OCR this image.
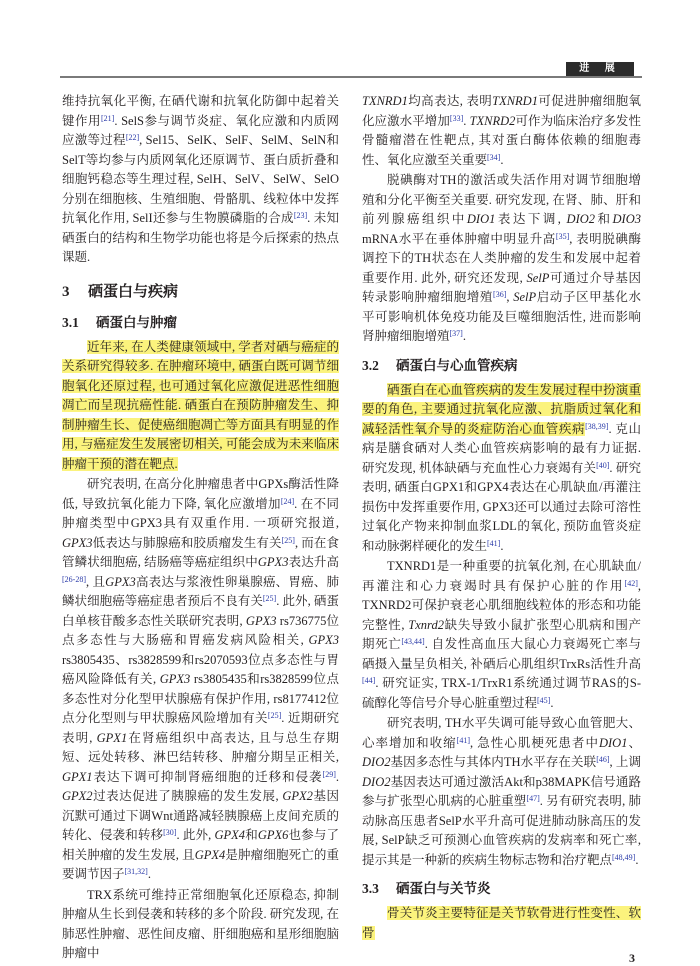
进 展

维持抗氧化平衡, 在硒代谢和抗氧化防御中起着关键作用[21]. SelS参与调节炎症、氧化应激和内质网应激等过程[22], Sel15、SelK、SelF、SelM、SelN和SelT等均参与内质网氧化还原调节、蛋白质折叠和细胞钙稳态等生理过程, SelH、SelV、SelW、SelO分别在细胞核、生殖细胞、骨骼肌、线粒体中发挥抗氧化作用, SelI还参与生物膜磷脂的合成[23]. 未知硒蛋白的结构和生物学功能也将是今后探索的热点课题.

3 硒蛋白与疾病
3.1 硒蛋白与肿瘤

近年来, 在人类健康领域中, 学者对硒与癌症的关系研究得较多. 在肿瘤环境中, 硒蛋白既可调节细胞氧化还原过程, 也可通过氧化应激促进恶性细胞凋亡而呈现抗癌性能. 硒蛋白在预防肿瘤发生、抑制肿瘤生长、促使癌细胞凋亡等方面具有明显的作用, 与癌症发生发展密切相关, 可能会成为未来临床肿瘤干预的潜在靶点.

研究表明, 在高分化肿瘤患者中GPXs酶活性降低, 导致抗氧化能力下降, 氧化应激增加[24]. 在不同肿瘤类型中GPX3具有双重作用. 一项研究报道, GPX3低表达与肺腺癌和胶质瘤发生有关[25], 而在食管鳞状细胞癌, 结肠癌等癌症组织中GPX3表达升高[26-28], 且GPX3高表达与浆液性卵巢腺癌、胃癌、肺鳞状细胞癌等癌症患者预后不良有关[25]. 此外, 硒蛋白单核苷酸多态性关联研究表明, GPX3 rs736775位点多态性与大肠癌和胃癌发病风险相关, GPX3 rs3805435、rs3828599和rs2070593位点多态性与胃癌风险降低有关, GPX3 rs3805435和rs3828599位点多态性对分化型甲状腺癌有保护作用, rs8177412位点分化型则与甲状腺癌风险增加有关[25]. 近期研究表明, GPX1在肾癌组织中高表达, 且与总生存期短、远处转移、淋巴结转移、肿瘤分期呈正相关, GPX1表达下调可抑制肾癌细胞的迁移和侵袭[29]. GPX2过表达促进了胰腺癌的发生发展, GPX2基因沉默可通过下调Wnt通路减轻胰腺癌上皮间充质的转化、侵袭和转移[30]. 此外, GPX4和GPX6也参与了相关肿瘤的发生发展, 且GPX4是肿瘤细胞死亡的重要调节因子[31,32].

TRX系统可维持正常细胞氧化还原稳态, 抑制肿瘤从生长到侵袭和转移的多个阶段. 研究发现, 在肺恶性肿瘤、恶性间皮瘤、肝细胞癌和星形细胞脑肿瘤中

TXNRD1均高表达, 表明TXNRD1可促进肿瘤细胞氧化应激水平增加[33]. TXNRD2可作为临床治疗多发性骨髓瘤潜在性靶点, 其对蛋白酶体依赖的细胞毒性、氧化应激至关重要[34].

脱碘酶对TH的激活或失活作用对调节细胞增殖和分化平衡至关重要. 研究发现, 在肾、肺、肝和前列腺癌组织中DIO1表达下调, DIO2和DIO3 mRNA水平在垂体肿瘤中明显升高[35], 表明脱碘酶调控下的TH状态在人类肿瘤的发生和发展中起着重要作用. 此外, 研究还发现, SelP可通过介导基因转录影响肿瘤细胞增殖[36], SelP启动子区甲基化水平可影响机体免疫功能及巨噬细胞活性, 进而影响肾肿瘤细胞增殖[37].

3.2 硒蛋白与心血管疾病

硒蛋白在心血管疾病的发生发展过程中扮演重要的角色, 主要通过抗氧化应激、抗脂质过氧化和减轻活性氧介导的炎症防治心血管疾病[38,39]. 克山病是膳食硒对人类心血管疾病影响的最有力证据. 研究发现, 机体缺硒与充血性心力衰竭有关[40]. 研究表明, 硒蛋白GPX1和GPX4表达在心肌缺血/再灌注损伤中发挥重要作用, GPX3还可以通过去除可溶性过氧化产物来抑制血浆LDL的氧化, 预防血管炎症和动脉粥样硬化的发生[41].

TXNRD1是一种重要的抗氧化剂, 在心肌缺血/再灌注和心力衰竭时具有保护心脏的作用[42], TXNRD2可保护衰老心肌细胞线粒体的形态和功能完整性, Txnrd2缺失导致小鼠扩张型心肌病和围产期死亡[43,44]. 自发性高血压大鼠心力衰竭死亡率与硒摄入量呈负相关, 补硒后心肌组织TrxRs活性升高[44]. 研究证实, TRX-1/TrxR1系统通过调节RAS的S-硫醇化等信号介导心脏重塑过程[45].

研究表明, TH水平失调可能导致心血管肥大、心率增加和收缩[41], 急性心肌梗死患者中DIO1、DIO2基因多态性与其体内TH水平存在关联[46], 上调DIO2基因表达可通过激活Akt和p38MAPK信号通路参与扩张型心肌病的心脏重塑[47]. 另有研究表明, 肺动脉高压患者SelP水平升高可促进肺动脉高压的发展, SelP缺乏可预测心血管疾病的发病率和死亡率, 提示其是一种新的疾病生物标志物和治疗靶点[48,49].

3.3 硒蛋白与关节炎

骨关节炎主要特征是关节软骨进行性变性、软骨

3
